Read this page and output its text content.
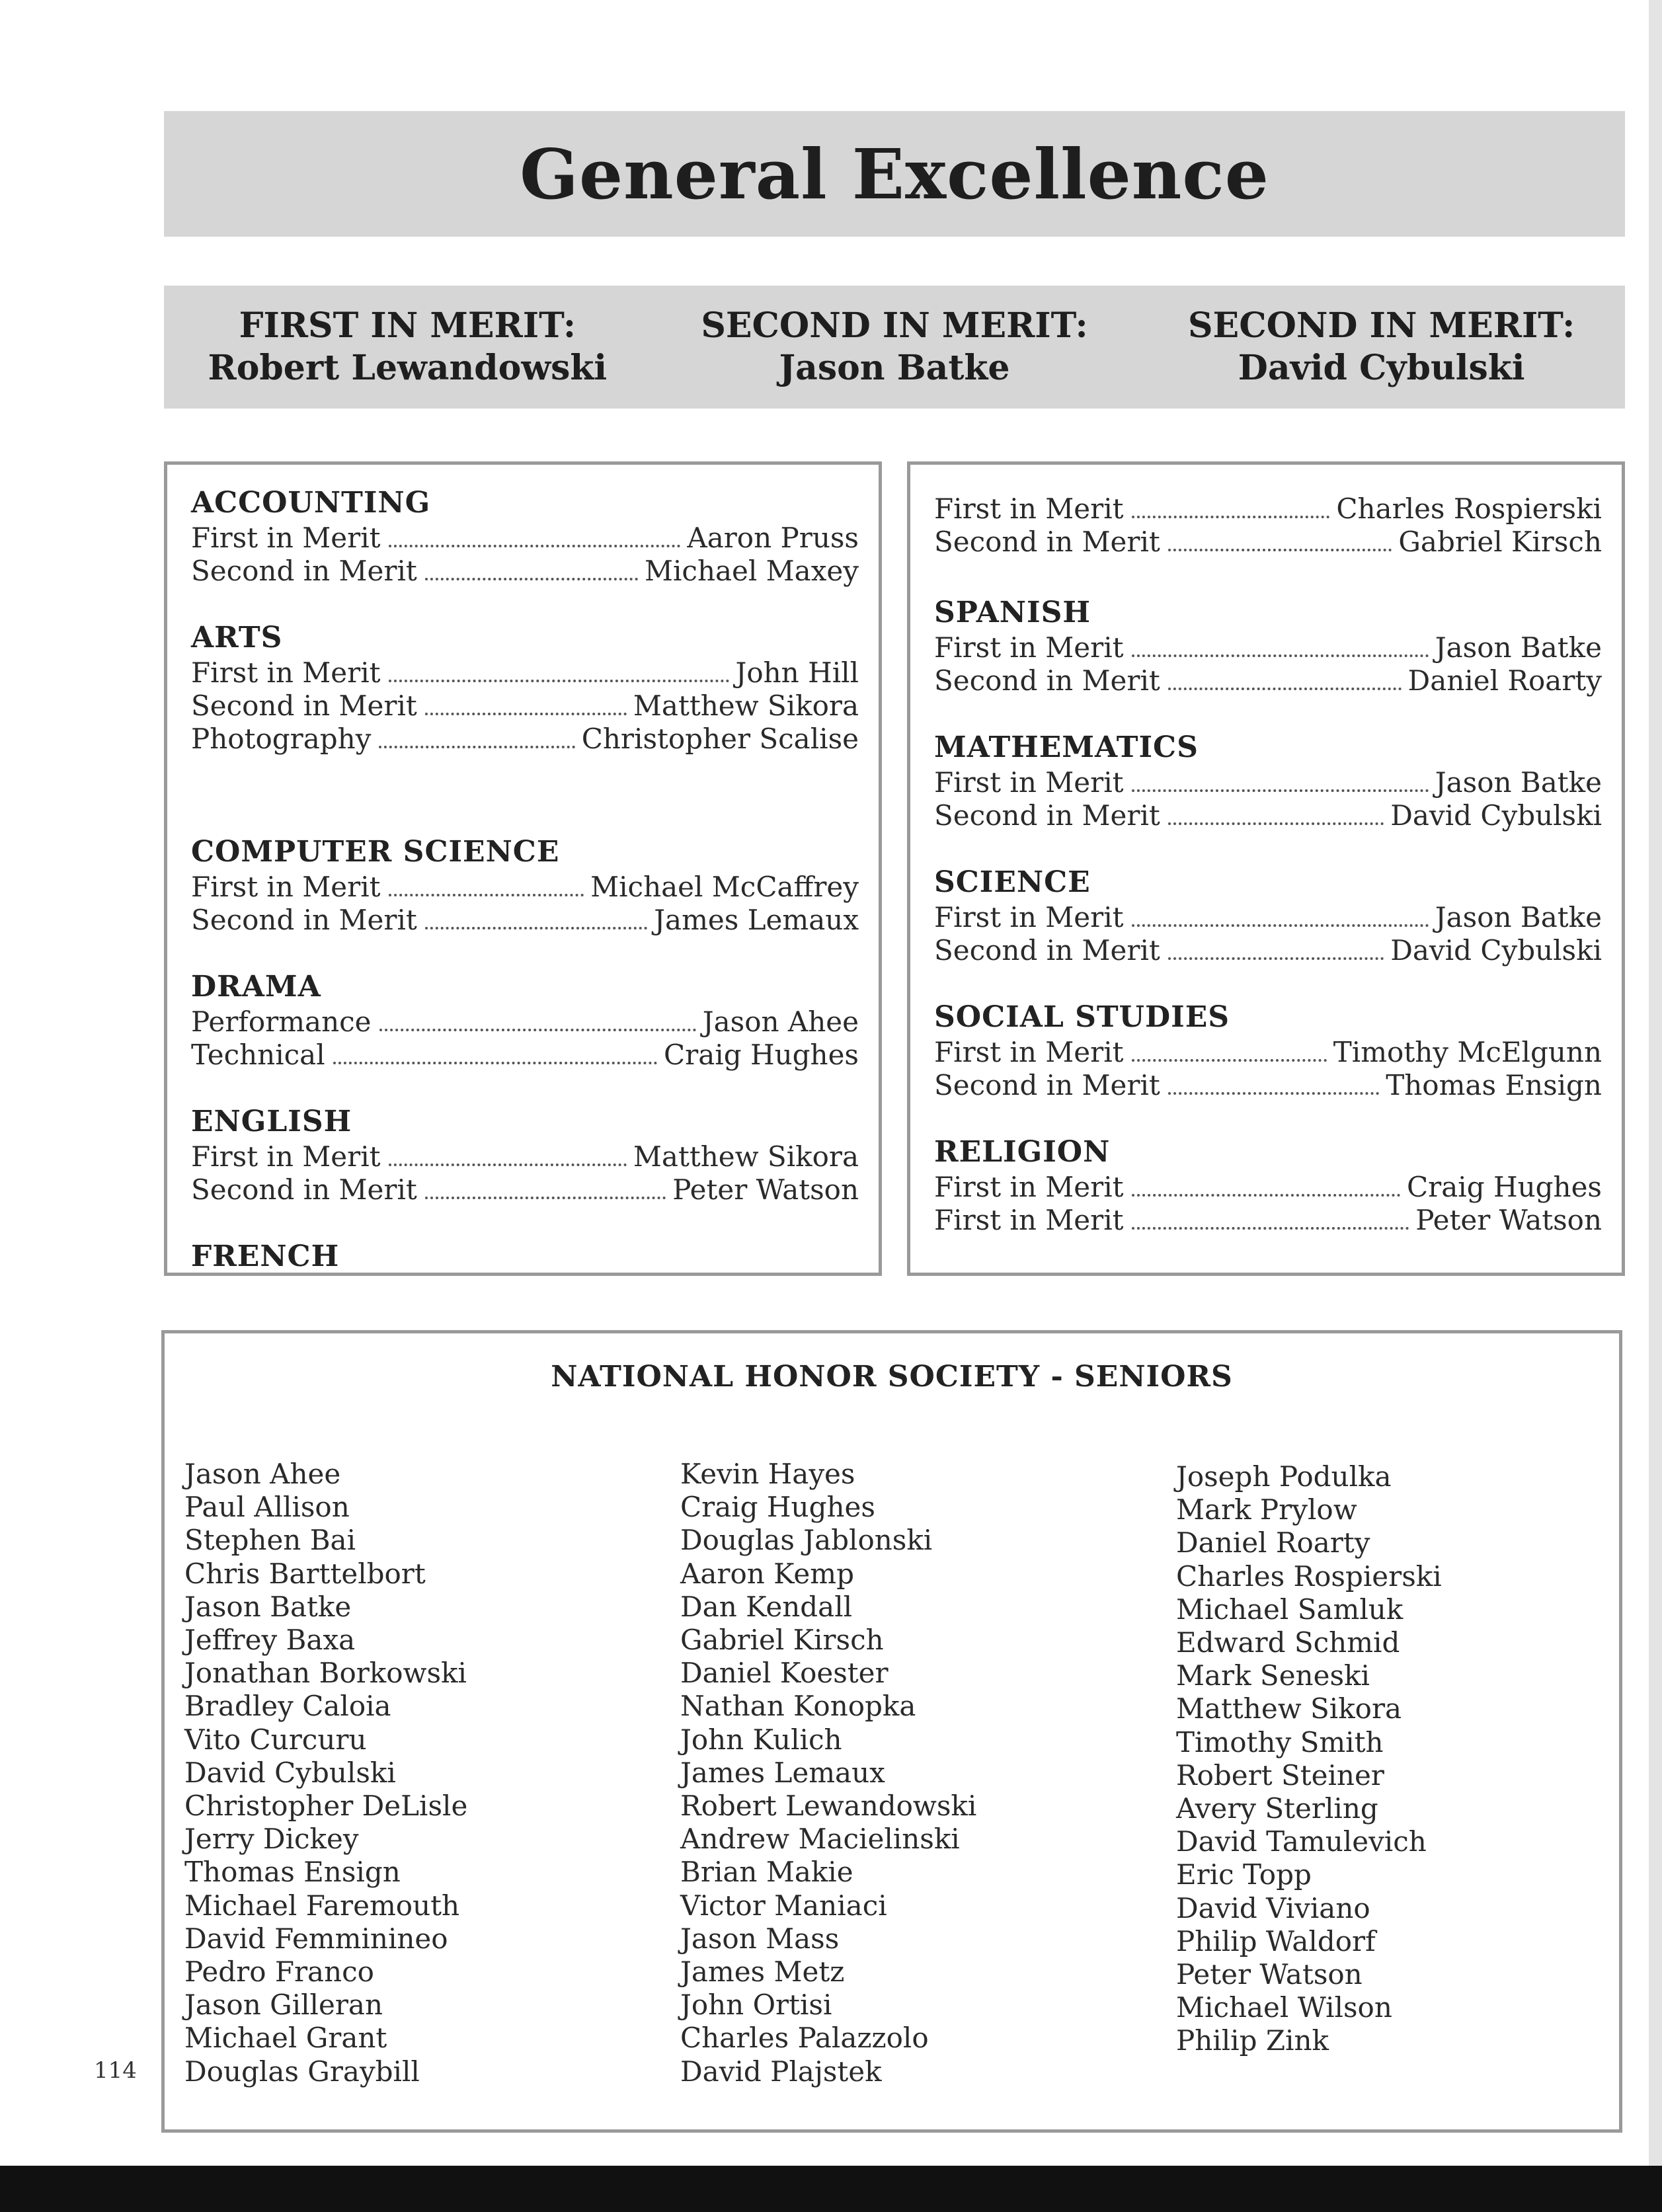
General Excellence
FIRST IN MERIT:
Robert Lewandowski
SECOND IN MERIT:
Jason Batke
SECOND IN MERIT:
David Cybulski
ACCOUNTING
First in Merit	Aaron Pruss
Second in Merit	Michael Maxey
ARTS
First in Merit	John Hill
Second in Merit	Matthew Sikora
Photography	Christopher Scalise
COMPUTER SCIENCE
First in Merit	Michael McCaffrey
Second in Merit	James Lemaux
DRAMA
Performance	Jason Ahee
Technical	Craig Hughes
ENGLISH
First in Merit	Matthew Sikora
Second in Merit	Peter Watson
FRENCH
First in Merit	Charles Rospierski
Second in Merit	Gabriel Kirsch
SPANISH
First in Merit	Jason Batke
Second in Merit	Daniel Roarty
MATHEMATICS
First in Merit	Jason Batke
Second in Merit	David Cybulski
SCIENCE
First in Merit	Jason Batke
Second in Merit	David Cybulski
SOCIAL STUDIES
First in Merit	Timothy McElgunn
Second in Merit	Thomas Ensign
RELIGION
First in Merit	Craig Hughes
First in Merit	Peter Watson
NATIONAL HONOR SOCIETY - SENIORS
Jason Ahee
Paul Allison
Stephen Bai
Chris Barttelbort
Jason Batke
Jeffrey Baxa
Jonathan Borkowski
Bradley Caloia
Vito Curcuru
David Cybulski
Christopher DeLisle
Jerry Dickey
Thomas Ensign
Michael Faremouth
David Femminineo
Pedro Franco
Jason Gilleran
Michael Grant
Douglas Graybill
Kevin Hayes
Craig Hughes
Douglas Jablonski
Aaron Kemp
Dan Kendall
Gabriel Kirsch
Daniel Koester
Nathan Konopka
John Kulich
James Lemaux
Robert Lewandowski
Andrew Macielinski
Brian Makie
Victor Maniaci
Jason Mass
James Metz
John Ortisi
Charles Palazzolo
David Plajstek
Joseph Podulka
Mark Prylow
Daniel Roarty
Charles Rospierski
Michael Samluk
Edward Schmid
Mark Seneski
Matthew Sikora
Timothy Smith
Robert Steiner
Avery Sterling
David Tamulevich
Eric Topp
David Viviano
Philip Waldorf
Peter Watson
Michael Wilson
Philip Zink
114
